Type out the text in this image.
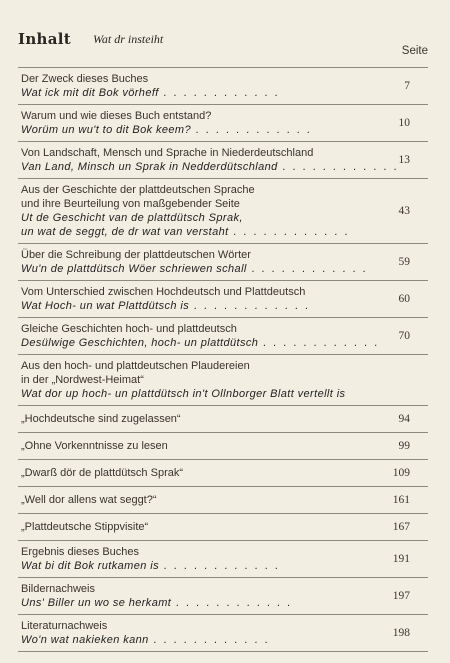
Inhalt Wat dr insteiht
Seite
Der Zweck dieses Buches
Wat ick mit dit Bok vörheff . . . . . . . . . . . .
7
Warum und wie dieses Buch entstand?
Worüm un wu't to dit Bok keem? . . . . . . . . . . . .
10
Von Landschaft, Mensch und Sprache in Niederdeutschland
Van Land, Minsch un Sprak in Nedderdütschland . . . . . . . . . . . .
13
Aus der Geschichte der plattdeutschen Sprache
und ihre Beurteilung von maßgebender Seite
Ut de Geschicht van de plattdütsch Sprak,
un wat de seggt, de dr wat van verstaht . . . . . . . . . . . .
43
Über die Schreibung der plattdeutschen Wörter
Wu'n de plattdütsch Wöer schriewen schall . . . . . . . . . . . .
59
Vom Unterschied zwischen Hochdeutsch und Plattdeutsch
Wat Hoch- un wat Plattdütsch is . . . . . . . . . . . .
60
Gleiche Geschichten hoch- und plattdeutsch
Desülwige Geschichten, hoch- un plattdütsch . . . . . . . . . . . .
70
Aus den hoch- und plattdeutschen Plaudereien
in der „Nordwest-Heimat“
Wat dor up hoch- un plattdütsch in't Ollnborger Blatt vertellt is
„Hochdeutsche sind zugelassen“	94
„Ohne Vorkenntnisse zu lesen	99
„Dwarß dör de plattdütsch Sprak“	109
„Well dor allens wat seggt?“	161
„Plattdeutsche Stippvisite“	167
Ergebnis dieses Buches
Wat bi dit Bok rutkamen is . . . . . . . . . . . .
191
Bildernachweis
Uns' Biller un wo se herkamt . . . . . . . . . . . .
197
Literaturnachweis
Wo'n wat nakieken kann . . . . . . . . . . . .
198
